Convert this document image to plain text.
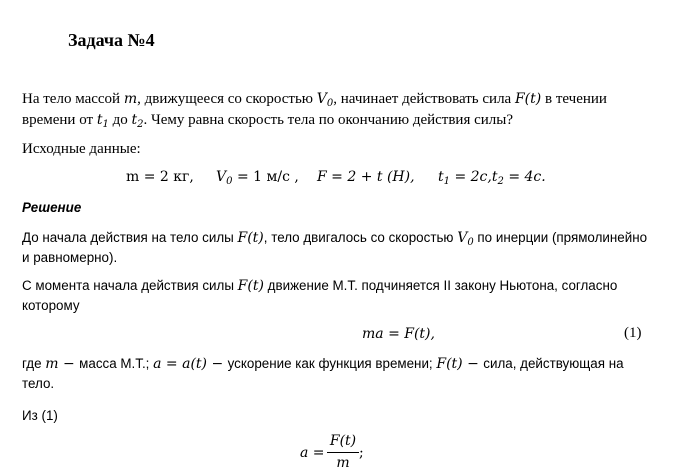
Задача №4
На тело массой m, движущееся со скоростью $V_0$, начинает действовать сила F(t) в течении
времени от $t_1$ до $t_2$. Чему равна скорость тела по окончанию действия силы?
Исходные данные:
m = 2 кг, $V_0 = 1$ м/с , F = 2 + t (H), $t_1 = 2c,t_2 = 4c$.
Решение
До начала действия на тело силы F(t), тело двигалось со скоростью $V_0$ по инерции (прямолинейно
и равномерно).
С момента начала действия силы F(t) движение М.Т. подчиняется II закону Ньютона, согласно
которому
ma = F(t),	(1)
где m − масса М.Т.; a = a(t) − ускорение как функция времени; F(t) − сила, действующая на
тело.
Из (1)
a =
F(t)
m
;
